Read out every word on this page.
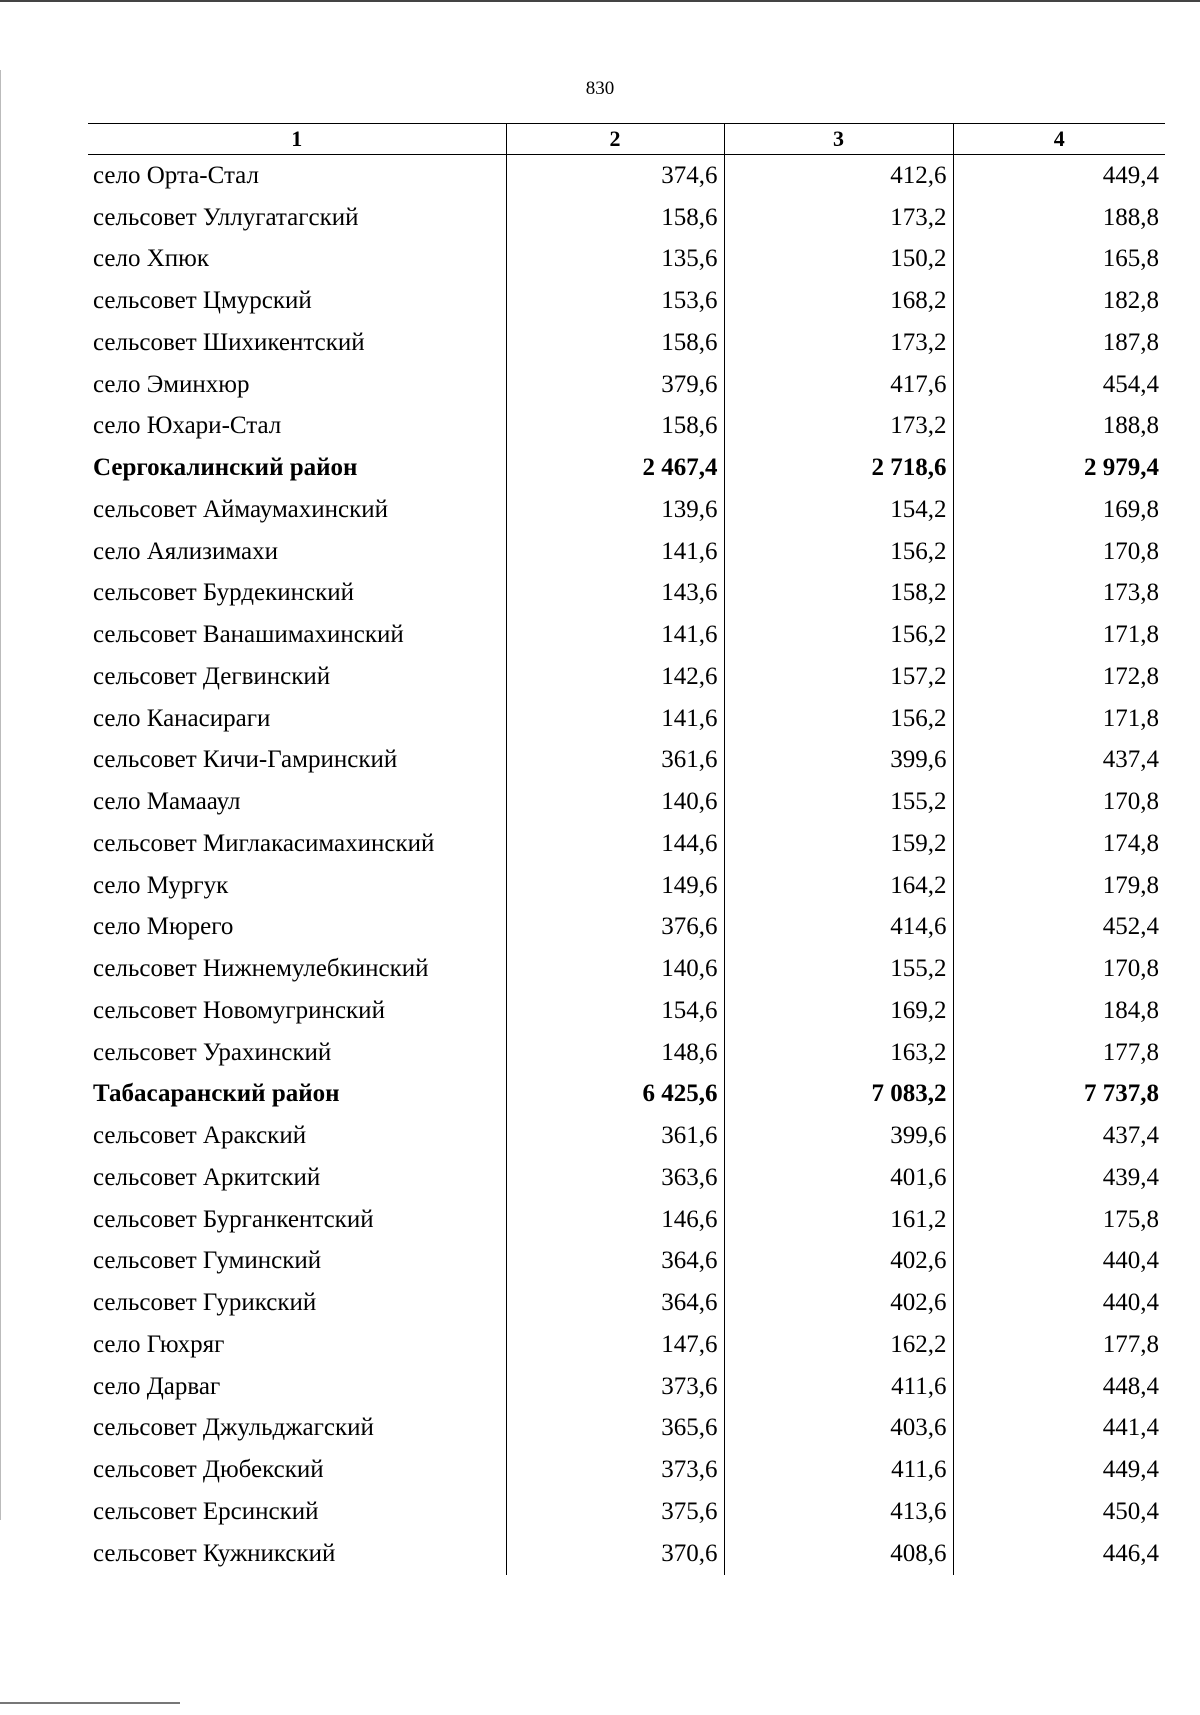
830
1	2	3	4
село Орта-Стал	374,6	412,6	449,4
сельсовет Уллугатагский	158,6	173,2	188,8
село Хпюк	135,6	150,2	165,8
сельсовет Цмурский	153,6	168,2	182,8
сельсовет Шихикентский	158,6	173,2	187,8
село Эминхюр	379,6	417,6	454,4
село Юхари-Стал	158,6	173,2	188,8
Сергокалинский район	2 467,4	2 718,6	2 979,4
сельсовет Аймаумахинский	139,6	154,2	169,8
село Аялизимахи	141,6	156,2	170,8
сельсовет Бурдекинский	143,6	158,2	173,8
сельсовет Ванашимахинский	141,6	156,2	171,8
сельсовет Дегвинский	142,6	157,2	172,8
село Канасираги	141,6	156,2	171,8
сельсовет Кичи-Гамринский	361,6	399,6	437,4
село Мамааул	140,6	155,2	170,8
сельсовет Миглакасимахинский	144,6	159,2	174,8
село Мургук	149,6	164,2	179,8
село Мюрего	376,6	414,6	452,4
сельсовет Нижнемулебкинский	140,6	155,2	170,8
сельсовет Новомугринский	154,6	169,2	184,8
сельсовет Урахинский	148,6	163,2	177,8
Табасаранский район	6 425,6	7 083,2	7 737,8
сельсовет Аракский	361,6	399,6	437,4
сельсовет Аркитский	363,6	401,6	439,4
сельсовет Бурганкентский	146,6	161,2	175,8
сельсовет Гуминский	364,6	402,6	440,4
сельсовет Гурикский	364,6	402,6	440,4
село Гюхряг	147,6	162,2	177,8
село Дарваг	373,6	411,6	448,4
сельсовет Джульджагский	365,6	403,6	441,4
сельсовет Дюбекский	373,6	411,6	449,4
сельсовет Ерсинский	375,6	413,6	450,4
сельсовет Кужникский	370,6	408,6	446,4
